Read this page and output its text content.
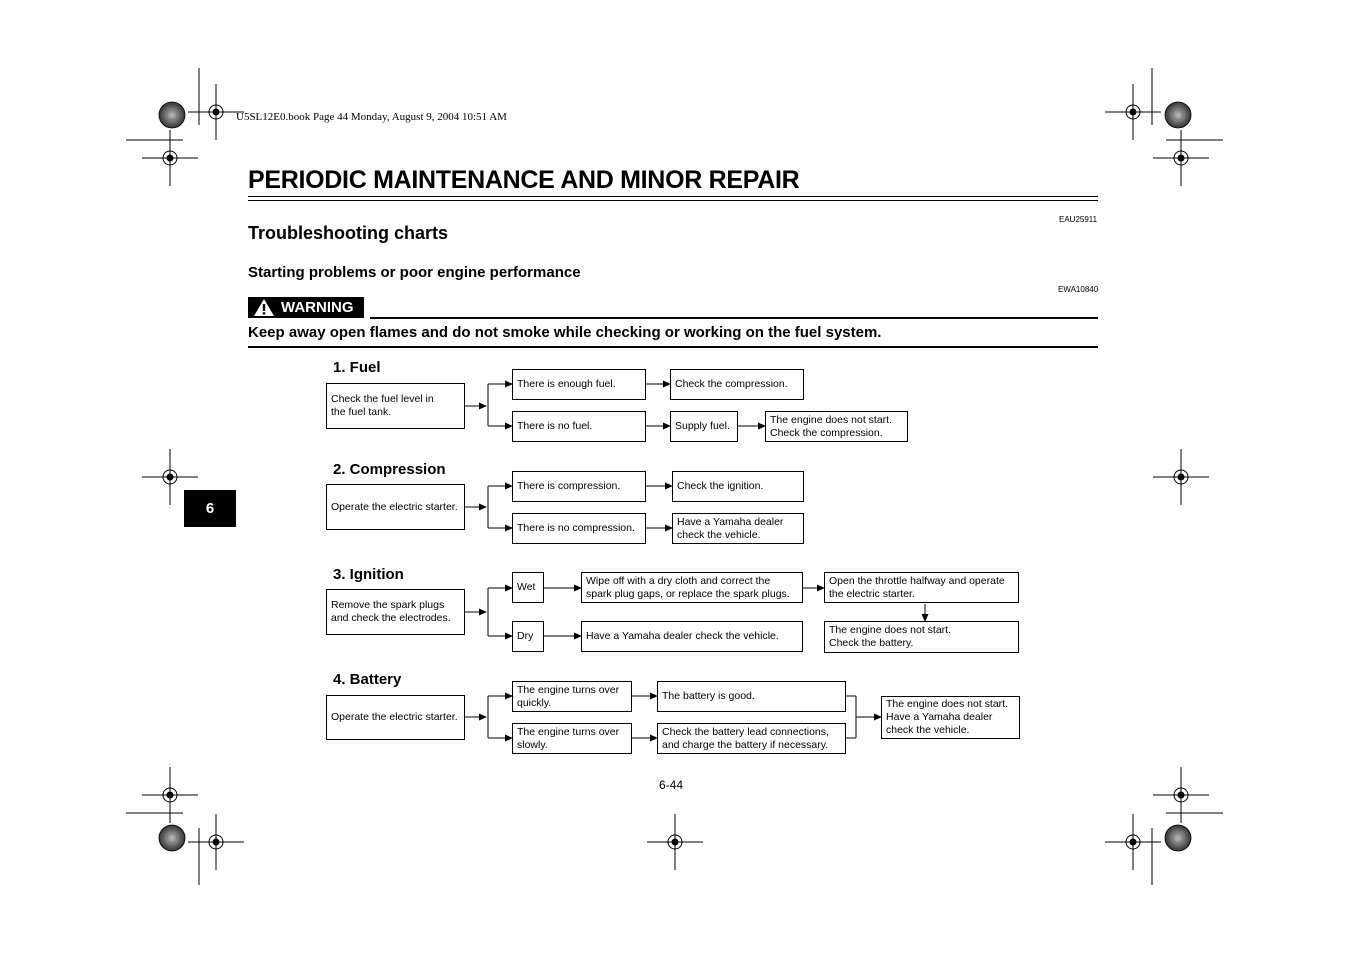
U5SL12E0.book Page 44 Monday, August 9, 2004 10:51 AM
PERIODIC MAINTENANCE AND MINOR REPAIR
EAU25911
Troubleshooting charts
Starting problems or poor engine performance
EWA10840
WARNING
Keep away open flames and do not smoke while checking or working on the fuel system.
6
1. Fuel
Check the fuel level in
the fuel tank.
There is enough fuel.	Check the compression.
There is no fuel.	Supply fuel.
The engine does not start.
Check the compression.
2. Compression
Operate the electric starter.
There is compression.	Check the ignition.
There is no compression.
Have a Yamaha dealer
check the vehicle.
3. Ignition
Remove the spark plugs
and check the electrodes.
Wet
Wipe off with a dry cloth and correct the
spark plug gaps, or replace the spark plugs.
Open the throttle halfway and operate
the electric starter.
The engine does not start.
Check the battery.
Dry	Have a Yamaha dealer check the vehicle.
4. Battery
Operate the electric starter.
The engine turns over
quickly.
The battery is good.
The engine turns over
slowly.
Check the battery lead connections,
and charge the battery if necessary.
The engine does not start.
Have a Yamaha dealer
check the vehicle.
6-44
